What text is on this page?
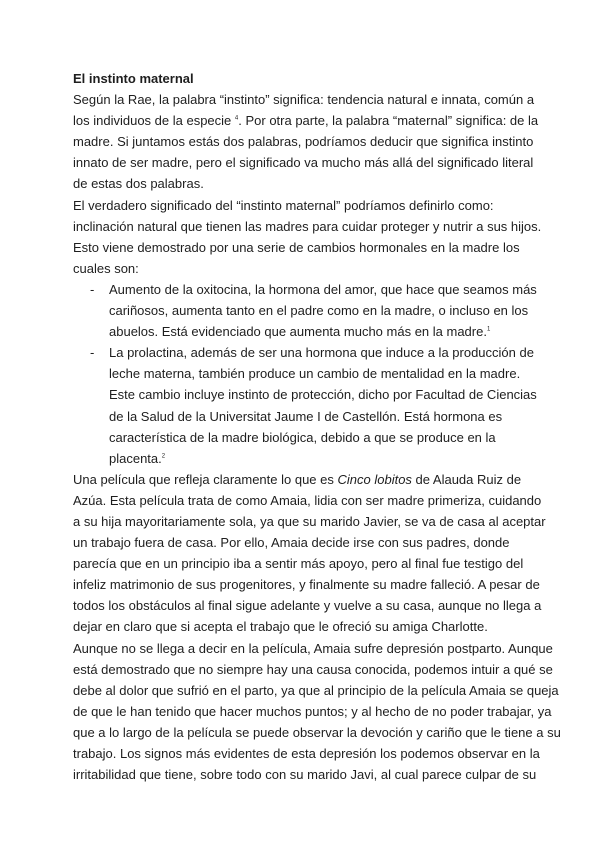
El instinto maternal
Según la Rae, la palabra “instinto” significa: tendencia natural e innata, común a
los individuos de la especie $^4$. Por otra parte, la palabra “maternal” significa: de la
madre. Si juntamos estás dos palabras, podríamos deducir que significa instinto
innato de ser madre, pero el significado va mucho más allá del significado literal
de estas dos palabras.
El verdadero significado del “instinto maternal” podríamos definirlo como:
inclinación natural que tienen las madres para cuidar proteger y nutrir a sus hijos.
Esto viene demostrado por una serie de cambios hormonales en la madre los
cuales son:
- Aumento de la oxitocina, la hormona del amor, que hace que seamos más
cariñosos, aumenta tanto en el padre como en la madre, o incluso en los
abuelos. Está evidenciado que aumenta mucho más en la madre.$^1$
- La prolactina, además de ser una hormona que induce a la producción de
leche materna, también produce un cambio de mentalidad en la madre.
Este cambio incluye instinto de protección, dicho por Facultad de Ciencias
de la Salud de la Universitat Jaume I de Castellón. Está hormona es
característica de la madre biológica, debido a que se produce en la
placenta.$^2$
Una película que refleja claramente lo que es Cinco lobitos de Alauda Ruiz de
Azúa. Esta película trata de como Amaia, lidia con ser madre primeriza, cuidando
a su hija mayoritariamente sola, ya que su marido Javier, se va de casa al aceptar
un trabajo fuera de casa. Por ello, Amaia decide irse con sus padres, donde
parecía que en un principio iba a sentir más apoyo, pero al final fue testigo del
infeliz matrimonio de sus progenitores, y finalmente su madre falleció. A pesar de
todos los obstáculos al final sigue adelante y vuelve a su casa, aunque no llega a
dejar en claro que si acepta el trabajo que le ofreció su amiga Charlotte.
Aunque no se llega a decir en la película, Amaia sufre depresión postparto. Aunque
está demostrado que no siempre hay una causa conocida, podemos intuir a qué se
debe al dolor que sufrió en el parto, ya que al principio de la película Amaia se queja
de que le han tenido que hacer muchos puntos; y al hecho de no poder trabajar, ya
que a lo largo de la película se puede observar la devoción y cariño que le tiene a su
trabajo. Los signos más evidentes de esta depresión los podemos observar en la
irritabilidad que tiene, sobre todo con su marido Javi, al cual parece culpar de su
